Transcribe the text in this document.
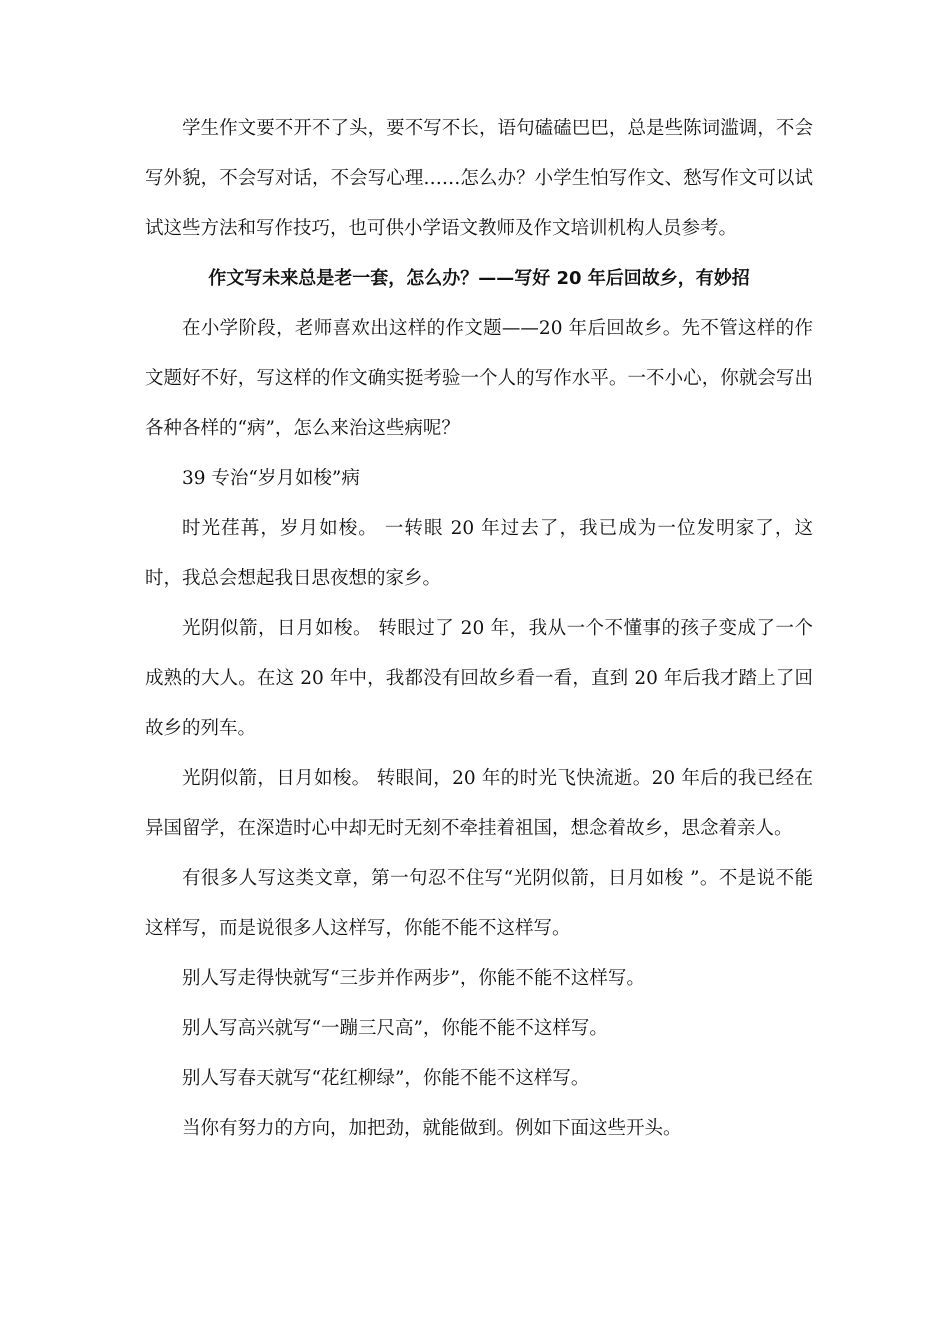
学生作文要不开不了头，要不写不长，语句磕磕巴巴，总是些陈词滥调，不会写外貌，不会写对话，不会写心理……怎么办？小学生怕写作文、愁写作文可以试试这些方法和写作技巧，也可供小学语文教师及作文培训机构人员参考。

作文写未来总是老一套，怎么办？——写好 20 年后回故乡，有妙招

在小学阶段，老师喜欢出这样的作文题——20 年后回故乡。先不管这样的作文题好不好，写这样的作文确实挺考验一个人的写作水平。一不小心，你就会写出各种各样的“病”，怎么来治这些病呢？

39 专治“岁月如梭”病

时光荏苒，岁月如梭。 一转眼 20 年过去了，我已成为一位发明家了，这时，我总会想起我日思夜想的家乡。

光阴似箭，日月如梭。 转眼过了 20 年，我从一个不懂事的孩子变成了一个成熟的大人。在这 20 年中，我都没有回故乡看一看，直到 20 年后我才踏上了回故乡的列车。

光阴似箭，日月如梭。 转眼间，20 年的时光飞快流逝。20 年后的我已经在异国留学，在深造时心中却无时无刻不牵挂着祖国，想念着故乡，思念着亲人。

有很多人写这类文章，第一句忍不住写“光阴似箭，日月如梭 ”。不是说不能这样写，而是说很多人这样写，你能不能不这样写。

别人写走得快就写“三步并作两步”，你能不能不这样写。

别人写高兴就写“一蹦三尺高”，你能不能不这样写。

别人写春天就写“花红柳绿”，你能不能不这样写。

当你有努力的方向，加把劲，就能做到。例如下面这些开头。
